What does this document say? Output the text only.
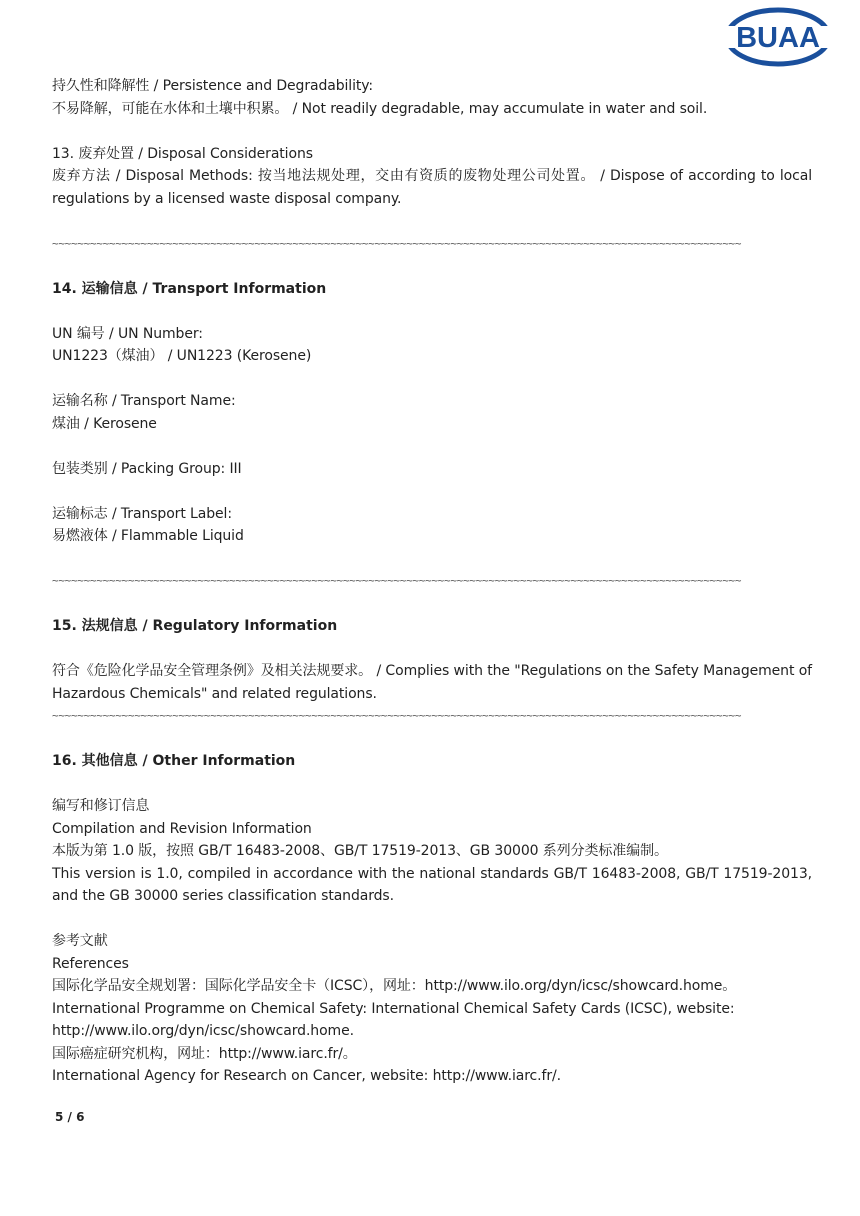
BUAA
持久性和降解性 / Persistence and Degradability:
不易降解，可能在水体和土壤中积累。 / Not readily degradable, may accumulate in water and soil.
13. 废弃处置 / Disposal Considerations
废弃方法 / Disposal Methods: 按当地法规处理，交由有资质的废物处理公司处置。 / Dispose of according to local regulations by a licensed waste disposal company.
~~~~~~~~~~~~~~~~~~~~~~~~~~~~~~~~~~~~~~~~~~~~~~~~~~~~~~~~~~~~~~~~~~~~~~~~~~~~~~~~~~~~~~~~~~~~~~~~~~~~~~~~~~~~~
14. 运输信息 / Transport Information
UN 编号 / UN Number:
UN1223（煤油） / UN1223 (Kerosene)
运输名称 / Transport Name:
煤油 / Kerosene
包装类别 / Packing Group: III
运输标志 / Transport Label:
易燃液体 / Flammable Liquid
~~~~~~~~~~~~~~~~~~~~~~~~~~~~~~~~~~~~~~~~~~~~~~~~~~~~~~~~~~~~~~~~~~~~~~~~~~~~~~~~~~~~~~~~~~~~~~~~~~~~~~~~~~~~~
15. 法规信息 / Regulatory Information
符合《危险化学品安全管理条例》及相关法规要求。 / Complies with the "Regulations on the Safety Management of Hazardous Chemicals" and related regulations.
~~~~~~~~~~~~~~~~~~~~~~~~~~~~~~~~~~~~~~~~~~~~~~~~~~~~~~~~~~~~~~~~~~~~~~~~~~~~~~~~~~~~~~~~~~~~~~~~~~~~~~~~~~~~~
16. 其他信息 / Other Information
编写和修订信息
Compilation and Revision Information
本版为第 1.0 版，按照 GB/T 16483-2008、GB/T 17519-2013、GB 30000 系列分类标准编制。
This version is 1.0, compiled in accordance with the national standards GB/T 16483-2008, GB/T 17519-2013, and the GB 30000 series classification standards.
参考文献
References
国际化学品安全规划署：国际化学品安全卡（ICSC），网址：http://www.ilo.org/dyn/icsc/showcard.home。
International Programme on Chemical Safety: International Chemical Safety Cards (ICSC), website:
http://www.ilo.org/dyn/icsc/showcard.home.
国际癌症研究机构，网址：http://www.iarc.fr/。
International Agency for Research on Cancer, website: http://www.iarc.fr/.
5 / 6
